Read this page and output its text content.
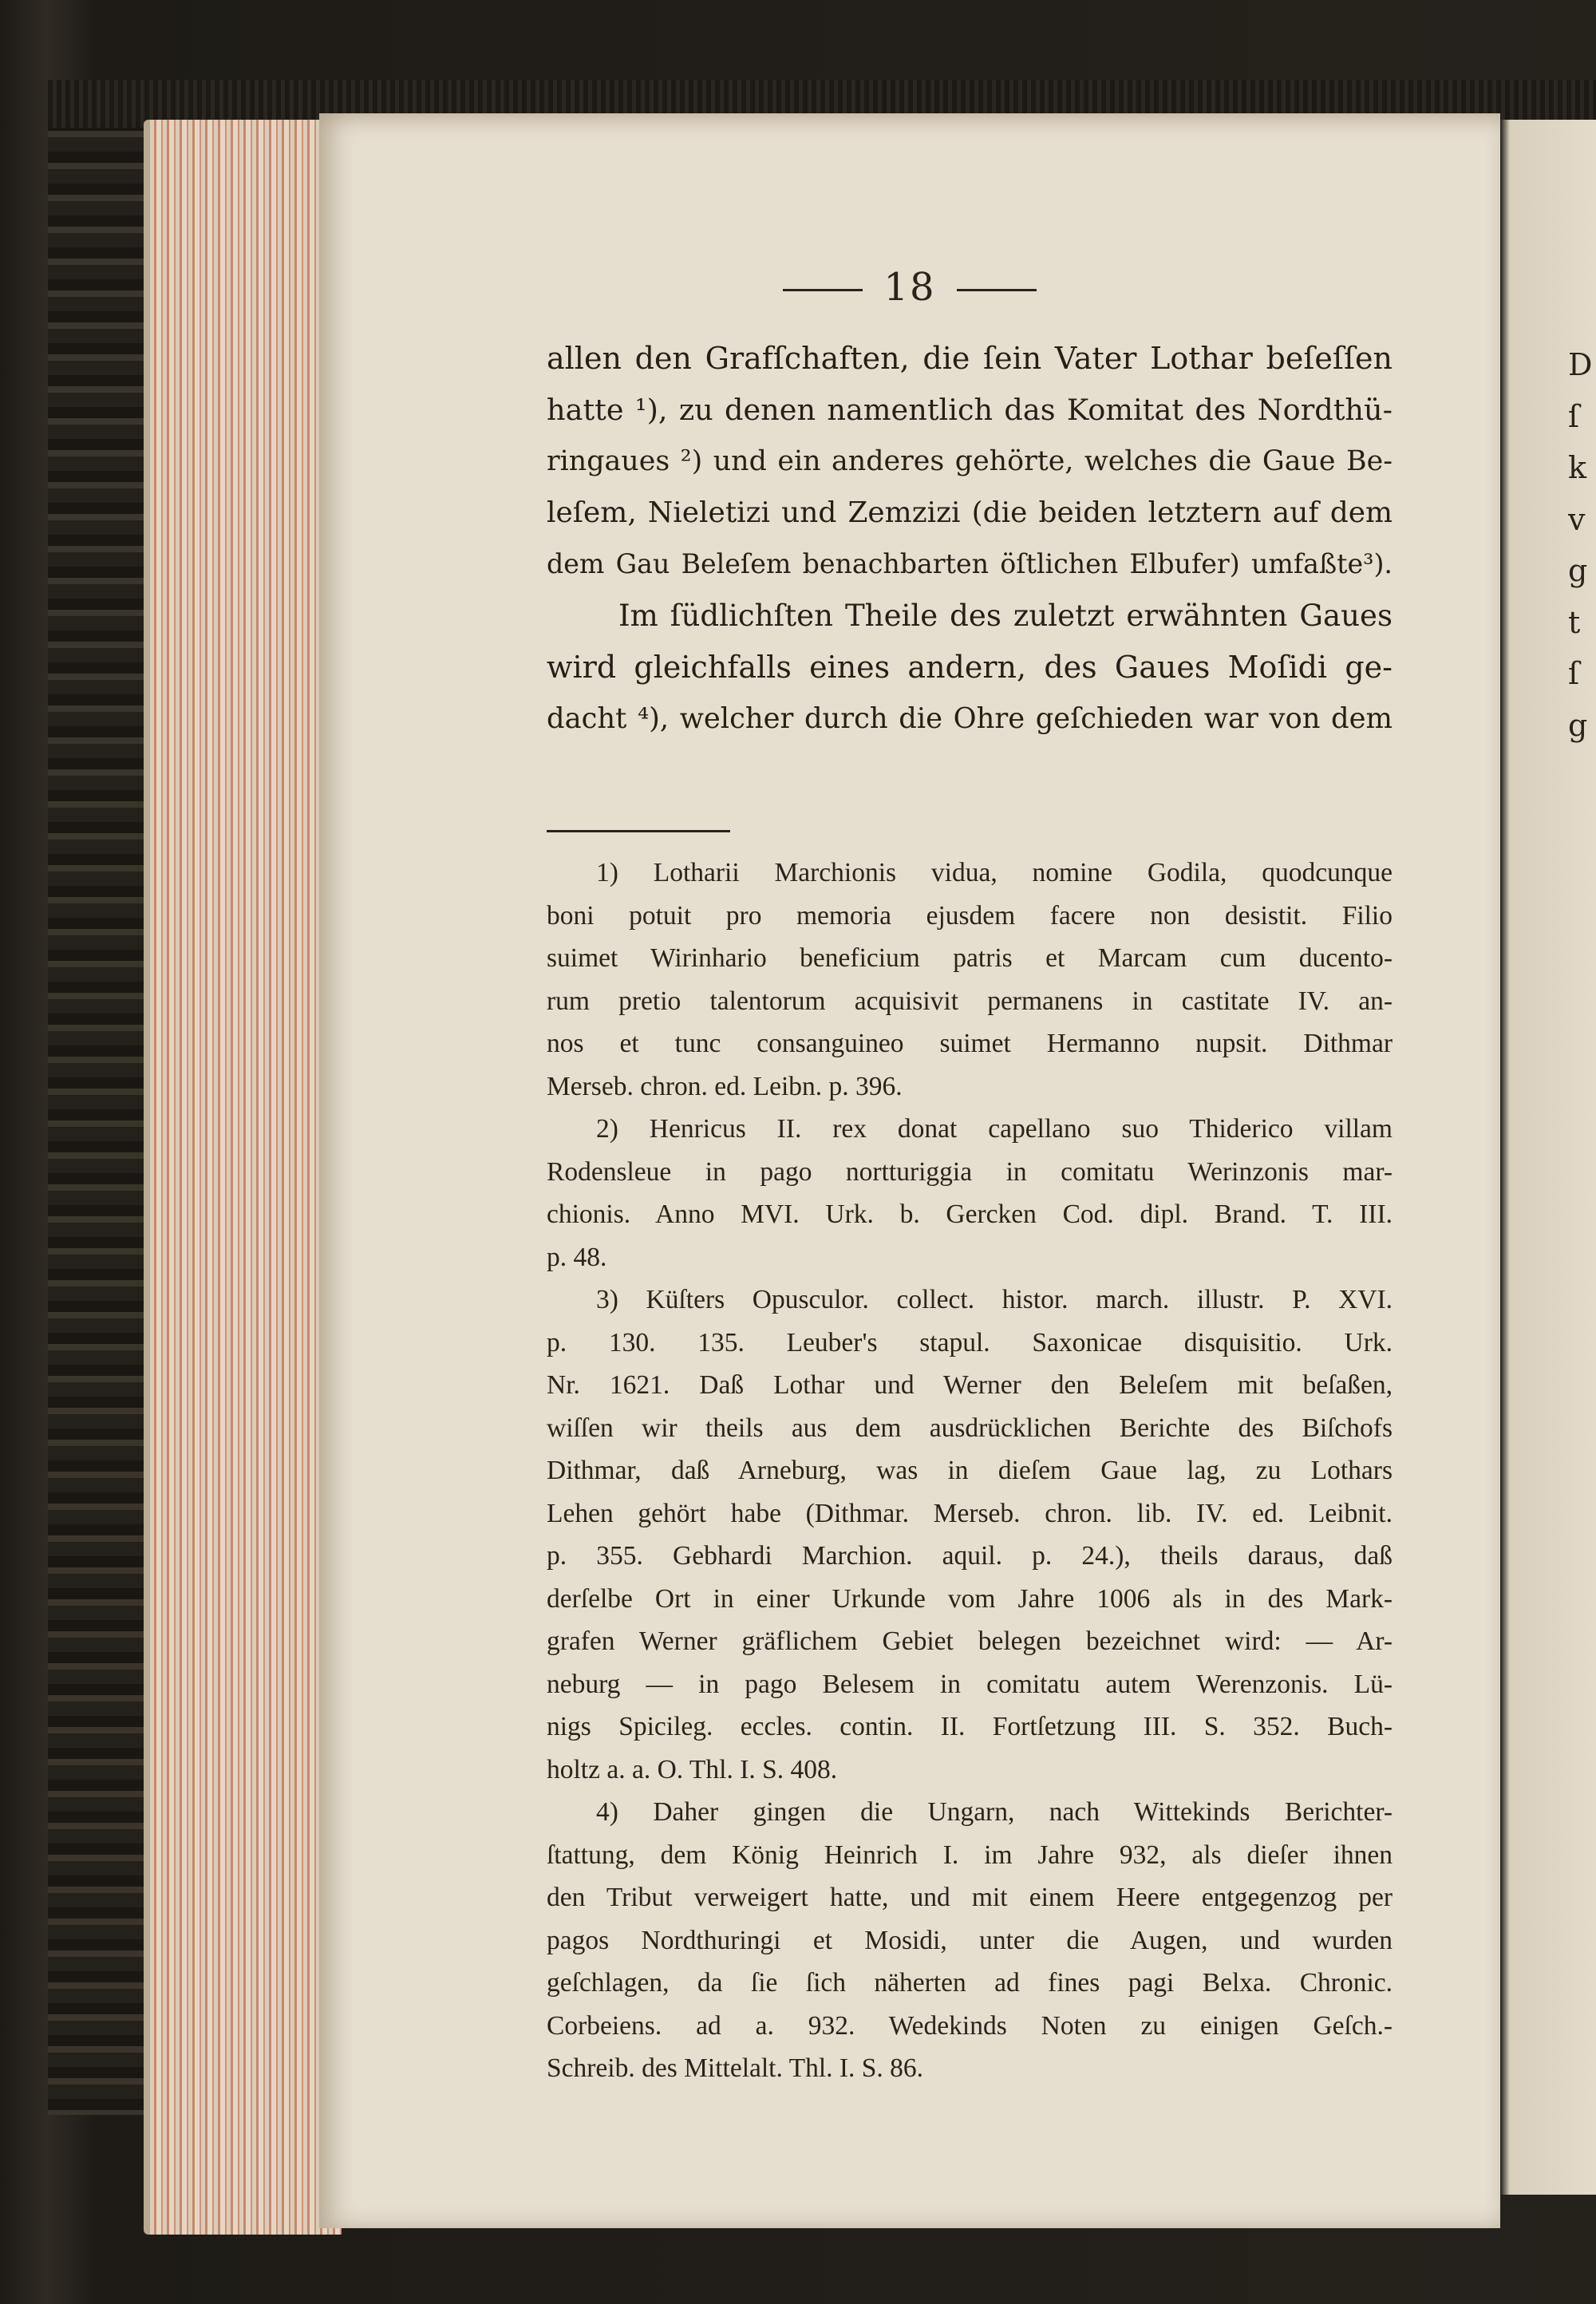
18
allen den Grafſchaften, die ſein Vater Lothar beſeſſen
hatte ¹), zu denen namentlich das Komitat des Nordthü-
ringaues ²) und ein anderes gehörte, welches die Gaue Be-
leſem, Nieletizi und Zemzizi (die beiden letztern auf dem
dem Gau Beleſem benachbarten öſtlichen Elbufer) umfaßte³).
Im ſüdlichſten Theile des zuletzt erwähnten Gaues
wird gleichfalls eines andern, des Gaues Moſidi ge-
dacht ⁴), welcher durch die Ohre geſchieden war von dem
1) Lotharii Marchionis vidua, nomine Godila, quodcunque
boni potuit pro memoria ejusdem facere non desistit. Filio
suimet Wirinhario beneficium patris et Marcam cum ducento-
rum pretio talentorum acquisivit permanens in castitate IV. an-
nos et tunc consanguineo suimet Hermanno nupsit. Dithmar
Merseb. chron. ed. Leibn. p. 396.
2) Henricus II. rex donat capellano suo Thiderico villam
Rodensleue in pago nortturiggia in comitatu Werinzonis mar-
chionis. Anno MVI. Urk. b. Gercken Cod. dipl. Brand. T. III.
p. 48.
3) Küſters Opusculor. collect. histor. march. illustr. P. XVI.
p. 130. 135. Leuber's stapul. Saxonicae disquisitio. Urk.
Nr. 1621. Daß Lothar und Werner den Beleſem mit beſaßen,
wiſſen wir theils aus dem ausdrücklichen Berichte des Biſchofs
Dithmar, daß Arneburg, was in dieſem Gaue lag, zu Lothars
Lehen gehört habe (Dithmar. Merseb. chron. lib. IV. ed. Leibnit.
p. 355. Gebhardi Marchion. aquil. p. 24.), theils daraus, daß
derſelbe Ort in einer Urkunde vom Jahre 1006 als in des Mark-
grafen Werner gräflichem Gebiet belegen bezeichnet wird: — Ar-
neburg — in pago Belesem in comitatu autem Werenzonis. Lü-
nigs Spicileg. eccles. contin. II. Fortſetzung III. S. 352. Buch-
holtz a. a. O. Thl. I. S. 408.
4) Daher gingen die Ungarn, nach Wittekinds Berichter-
ſtattung, dem König Heinrich I. im Jahre 932, als dieſer ihnen
den Tribut verweigert hatte, und mit einem Heere entgegenzog per
pagos Nordthuringi et Mosidi, unter die Augen, und wurden
geſchlagen, da ſie ſich näherten ad fines pagi Belxa. Chronic.
Corbeiens. ad a. 932. Wedekinds Noten zu einigen Geſch.-
Schreib. des Mittelalt. Thl. I. S. 86.
D
ſ
k
v
g
t
ſ
g
